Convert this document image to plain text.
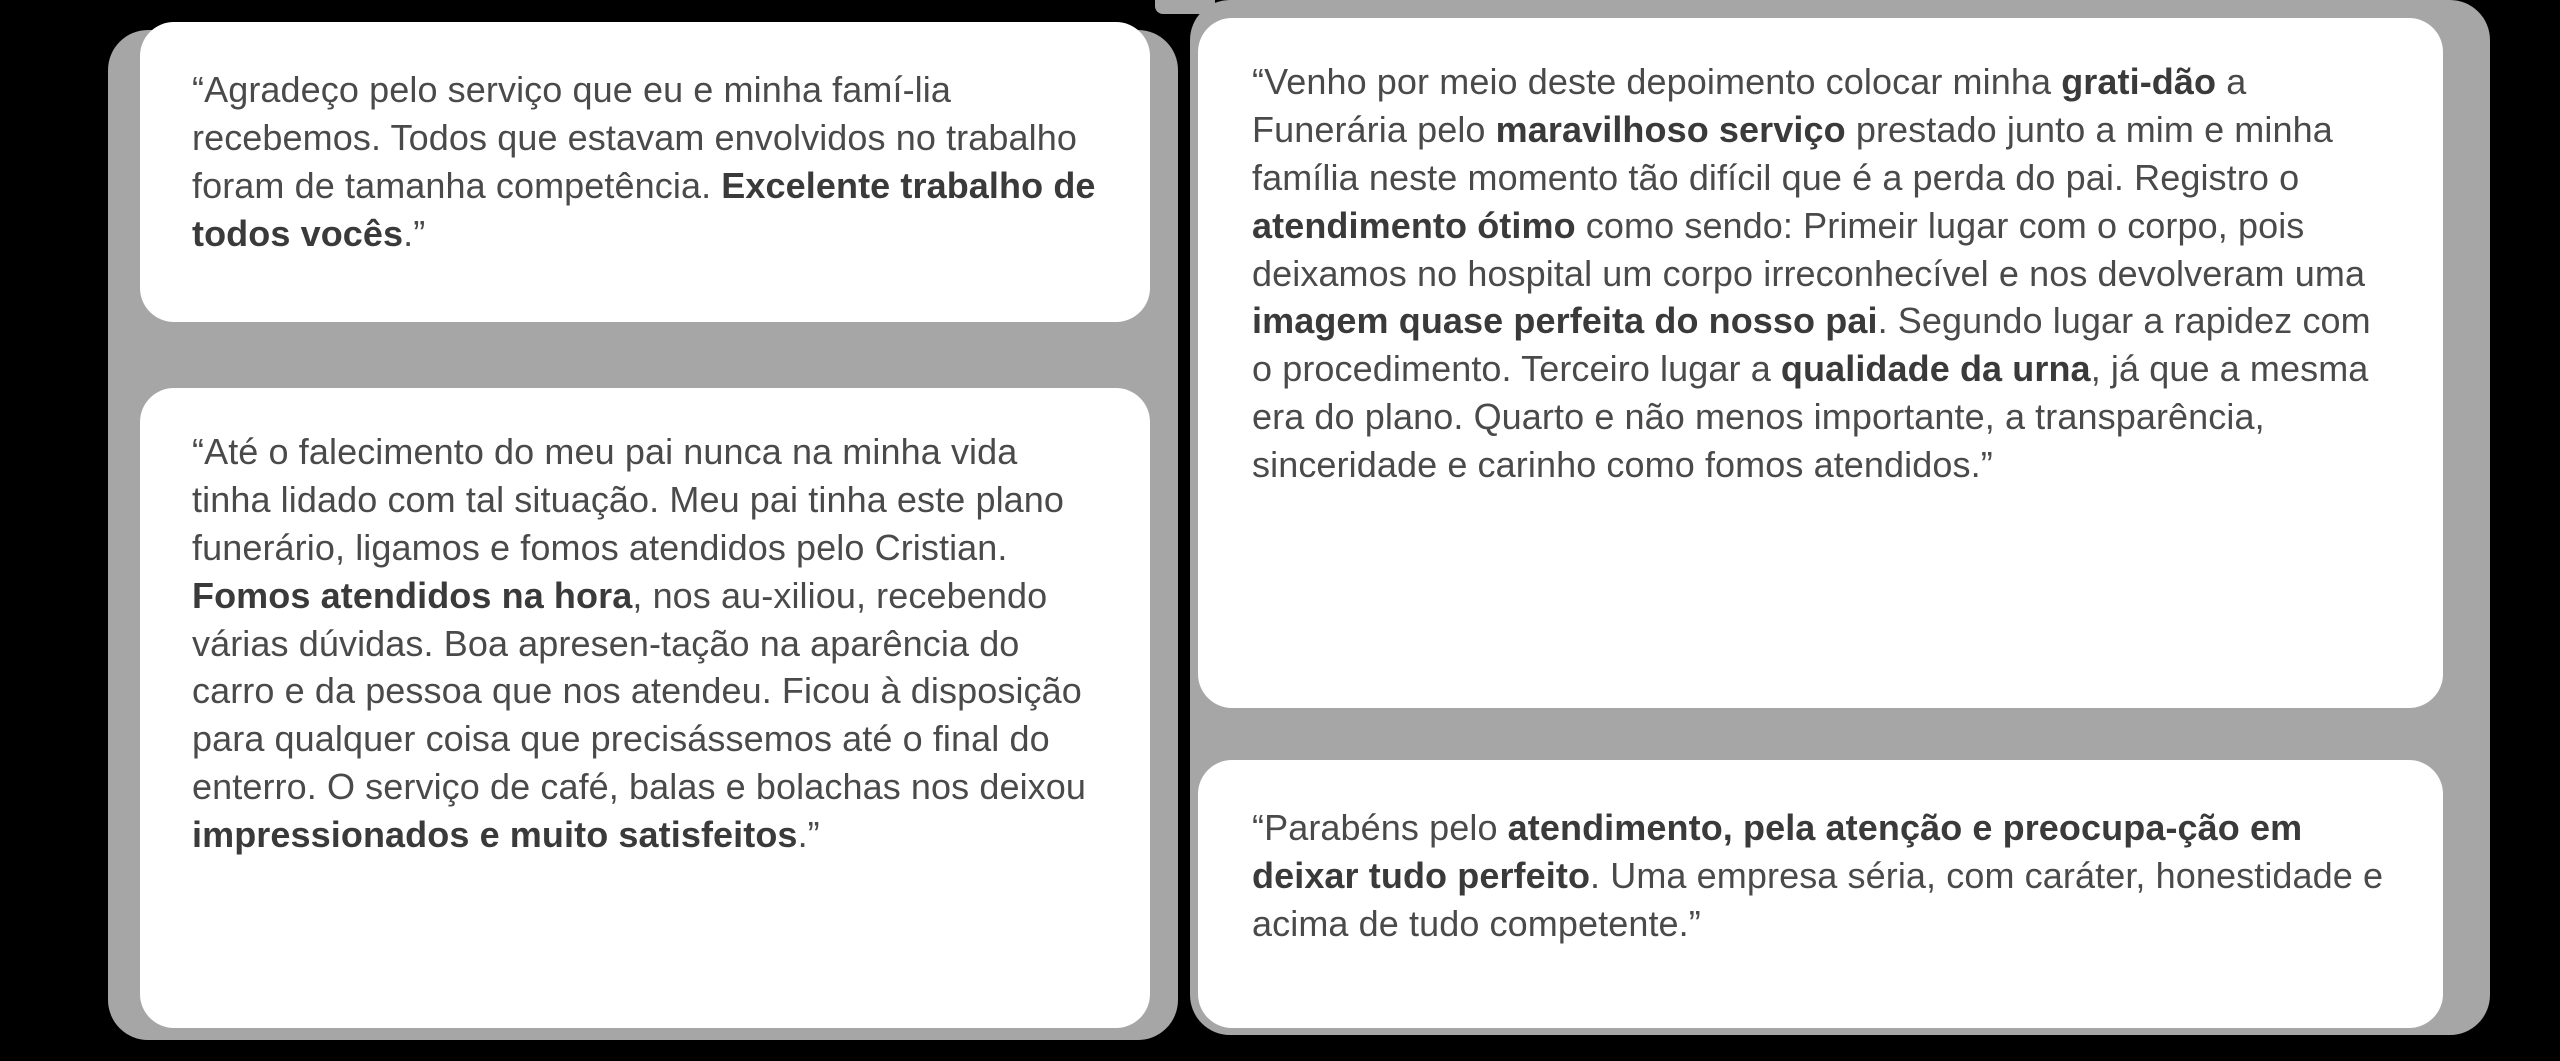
“Agradeço pelo serviço que eu e minha famí-lia recebemos. Todos que estavam envolvidos no trabalho foram de tamanha competência. Excelente trabalho de todos vocês.”

“Até o falecimento do meu pai nunca na minha vida tinha lidado com tal situação. Meu pai tinha este plano funerário, ligamos e fomos atendidos pelo Cristian. Fomos atendidos na hora, nos au-xiliou, recebendo várias dúvidas. Boa apresen-tação na aparência do carro e da pessoa que nos atendeu. Ficou à disposição para qualquer coisa que precisássemos até o final do enterro. O serviço de café, balas e bolachas nos deixou impressionados e muito satisfeitos.”

“Venho por meio deste depoimento colocar minha grati-dão a Funerária pelo maravilhoso serviço prestado junto a mim e minha família neste momento tão difícil que é a perda do pai. Registro o atendimento ótimo como sendo: Primeir lugar com o corpo, pois deixamos no hospital um corpo irreconhecível e nos devolveram uma imagem quase perfeita do nosso pai. Segundo lugar a rapidez com o procedimento. Terceiro lugar a qualidade da urna, já que a mesma era do plano. Quarto e não menos importante, a transparência, sinceridade e carinho como fomos atendidos.”

“Parabéns pelo atendimento, pela atenção e preocupa-ção em deixar tudo perfeito. Uma empresa séria, com caráter, honestidade e acima de tudo competente.”
